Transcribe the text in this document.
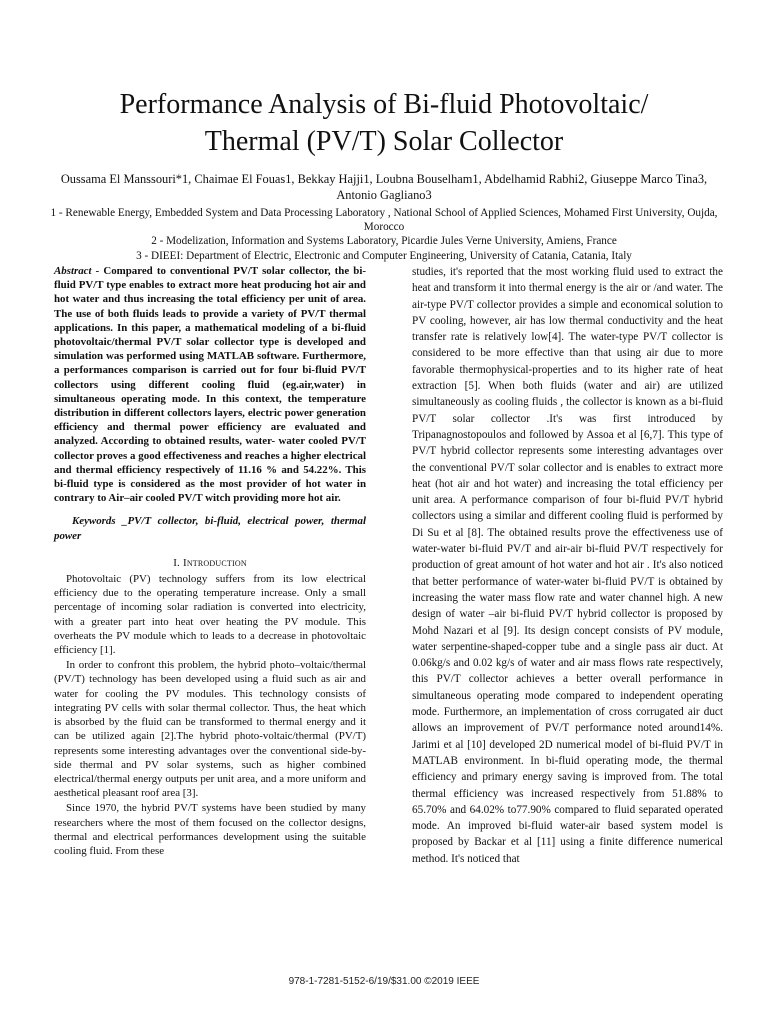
Performance Analysis of Bi-fluid Photovoltaic/
Thermal (PV/T) Solar Collector
Oussama El Manssouri*1, Chaimae El Fouas1, Bekkay Hajji1, Loubna Bouselham1, Abdelhamid Rabhi2, Giuseppe Marco Tina3, Antonio Gagliano3
1 - Renewable Energy, Embedded System and Data Processing Laboratory , National School of Applied Sciences, Mohamed First University, Oujda, Morocco
2 - Modelization, Information and Systems Laboratory, Picardie Jules Verne University, Amiens, France
3 - DIEEI: Department of Electric, Electronic and Computer Engineering, University of Catania, Catania, Italy

Abstract - Compared to conventional PV/T solar collector, the bi-fluid PV/T type enables to extract more heat producing hot air and hot water and thus increasing the total efficiency per unit of area. The use of both fluids leads to provide a variety of PV/T thermal applications. In this paper, a mathematical modeling of a bi-fluid photovoltaic/thermal PV/T solar collector type is developed and simulation was performed using MATLAB software. Furthermore, a performances comparison is carried out for four bi-fluid PV/T collectors using different cooling fluid (eg.air,water) in simultaneous operating mode. In this context, the temperature distribution in different collectors layers, electric power generation efficiency and thermal power efficiency are evaluated and analyzed. According to obtained results, water- water cooled PV/T collector proves a good effectiveness and reaches a higher electrical and thermal efficiency respectively of 11.16 % and 54.22%. This bi-fluid type is considered as the most provider of hot water in contrary to Air–air cooled PV/T witch providing more hot air.

Keywords _PV/T collector, bi-fluid, electrical power, thermal power

I. Introduction

Photovoltaic (PV) technology suffers from its low electrical efficiency due to the operating temperature increase. Only a small percentage of incoming solar radiation is converted into electricity, with a greater part into heat over heating the PV module. This overheats the PV module which to leads to a decrease in photovoltaic efficiency [1].

In order to confront this problem, the hybrid photo–voltaic/thermal (PV/T) technology has been developed using a fluid such as air and water for cooling the PV modules. This technology consists of integrating PV cells with solar thermal collector. Thus, the heat which is absorbed by the fluid can be transformed to thermal energy and it can be utilized again [2].The hybrid photo-voltaic/thermal (PV/T) represents some interesting advantages over the conventional side-by-side thermal and PV solar systems, such as higher combined electrical/thermal energy outputs per unit area, and a more uniform and aesthetical pleasant roof area [3].

Since 1970, the hybrid PV/T systems have been studied by many researchers where the most of them focused on the collector designs, thermal and electrical performances development using the suitable cooling fluid. From these

studies, it's reported that the most working fluid used to extract the heat and transform it into thermal energy is the air or /and water. The air-type PV/T collector provides a simple and economical solution to PV cooling, however, air has low thermal conductivity and the heat transfer rate is relatively low[4]. The water-type PV/T collector is considered to be more effective than that using air due to more favorable thermophysical-properties and to its higher rate of heat extraction [5]. When both fluids (water and air) are utilized simultaneously as cooling fluids , the collector is known as a bi-fluid PV/T solar collector .It's was first introduced by Tripanagnostopoulos and followed by Assoa et al [6,7]. This type of PV/T hybrid collector represents some interesting advantages over the conventional PV/T solar collector and is enables to extract more heat (hot air and hot water) and increasing the total efficiency per unit area. A performance comparison of four bi-fluid PV/T hybrid collectors using a similar and different cooling fluid is performed by Di Su et al [8]. The obtained results prove the effectiveness use of water-water bi-fluid PV/T and air-air bi-fluid PV/T respectively for production of great amount of hot water and hot air . It's also noticed that better performance of water-water bi-fluid PV/T is obtained by increasing the water mass flow rate and water channel high. A new design of water –air bi-fluid PV/T hybrid collector is proposed by Mohd Nazari et al [9]. Its design concept consists of PV module, water serpentine-shaped-copper tube and a single pass air duct. At 0.06kg/s and 0.02 kg/s of water and air mass flows rate respectively, this PV/T collector achieves a better overall performance in simultaneous operating mode compared to independent operating mode. Furthermore, an implementation of cross corrugated air duct allows an improvement of PV/T performance noted around14%. Jarimi et al [10] developed 2D numerical model of bi-fluid PV/T in MATLAB environment. In bi-fluid operating mode, the thermal efficiency and primary energy saving is improved from. The total thermal efficiency was increased respectively from 51.88% to 65.70% and 64.02% to77.90% compared to fluid separated operated mode. An improved bi-fluid water-air based system model is proposed by Backar et al [11] using a finite difference numerical method. It's noticed that

978-1-7281-5152-6/19/$31.00 ©2019 IEEE
